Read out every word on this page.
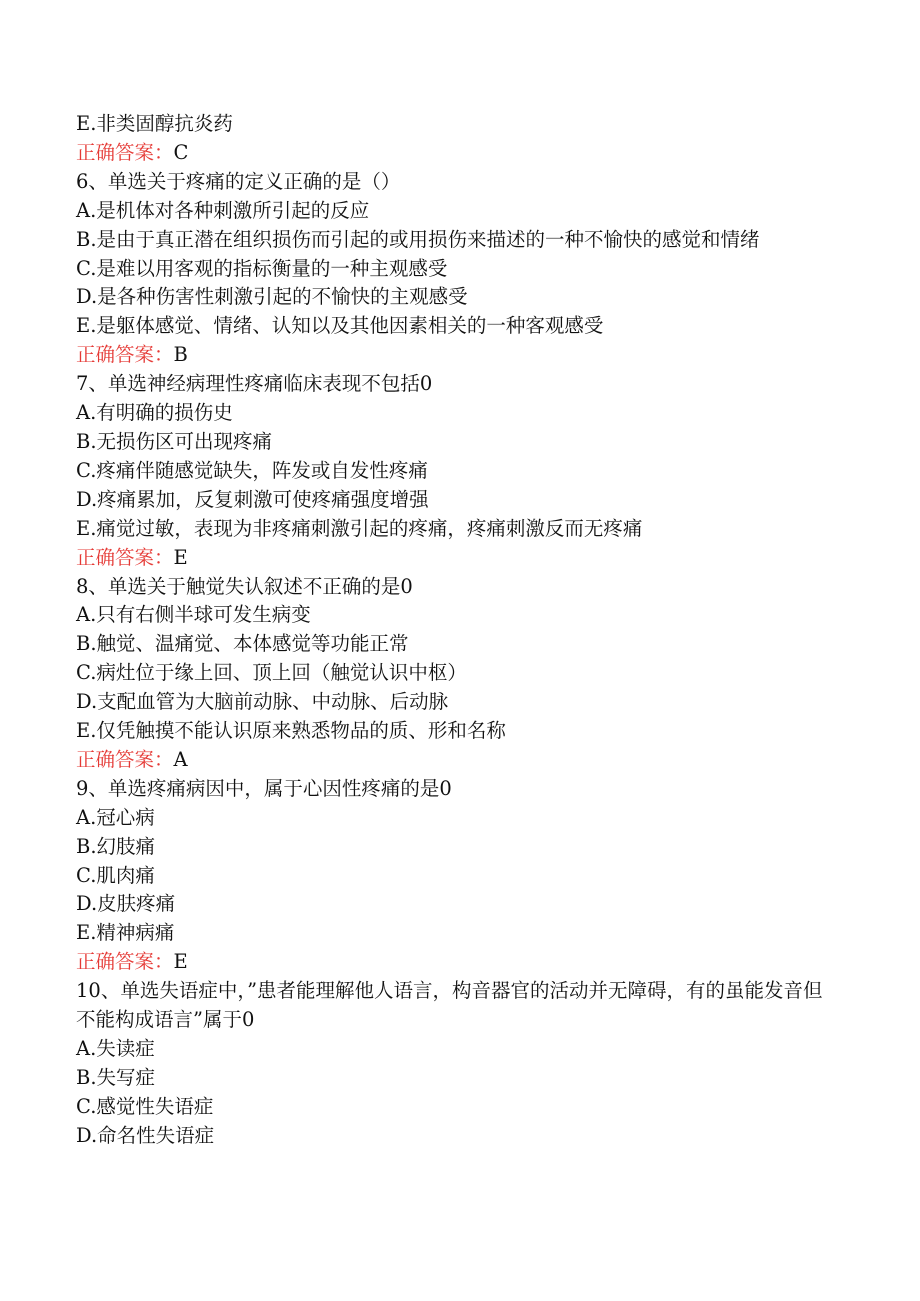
E.非类固醇抗炎药
正确答案：C
6、单选关于疼痛的定义正确的是（）
A.是机体对各种刺激所引起的反应
B.是由于真正潜在组织损伤而引起的或用损伤来描述的一种不愉快的感觉和情绪
C.是难以用客观的指标衡量的一种主观感受
D.是各种伤害性刺激引起的不愉快的主观感受
E.是躯体感觉、情绪、认知以及其他因素相关的一种客观感受
正确答案：B
7、单选神经病理性疼痛临床表现不包括0
A.有明确的损伤史
B.无损伤区可出现疼痛
C.疼痛伴随感觉缺失，阵发或自发性疼痛
D.疼痛累加，反复刺激可使疼痛强度增强
E.痛觉过敏，表现为非疼痛刺激引起的疼痛，疼痛刺激反而无疼痛
正确答案：E
8、单选关于触觉失认叙述不正确的是0
A.只有右侧半球可发生病变
B.触觉、温痛觉、本体感觉等功能正常
C.病灶位于缘上回、顶上回（触觉认识中枢）
D.支配血管为大脑前动脉、中动脉、后动脉
E.仅凭触摸不能认识原来熟悉物品的质、形和名称
正确答案：A
9、单选疼痛病因中，属于心因性疼痛的是0
A.冠心病
B.幻肢痛
C.肌肉痛
D.皮肤疼痛
E.精神病痛
正确答案：E
10、单选失语症中，”患者能理解他人语言，构音器官的活动并无障碍，有的虽能发音但不能构成语言”属于0
A.失读症
B.失写症
C.感觉性失语症
D.命名性失语症
